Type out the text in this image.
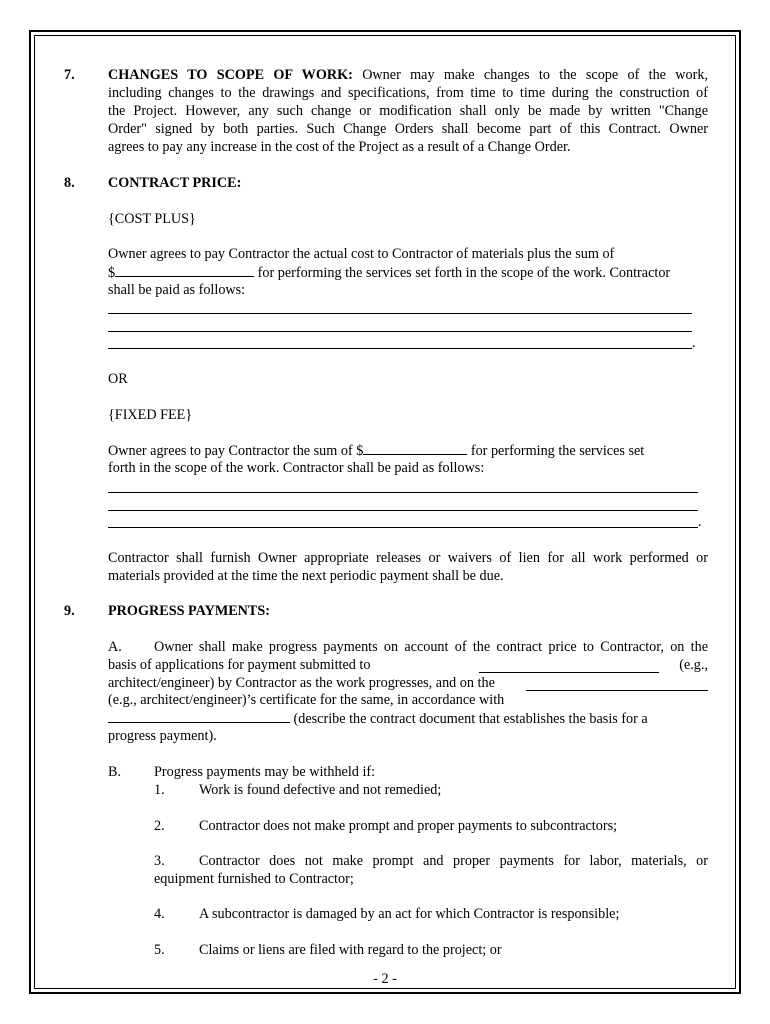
7. CHANGES TO SCOPE OF WORK: Owner may make changes to the scope of the work,
including changes to the drawings and specifications, from time to time during the construction of
the Project. However, any such change or modification shall only be made by written "Change
Order" signed by both parties. Such Change Orders shall become part of this Contract. Owner
agrees to pay any increase in the cost of the Project as a result of a Change Order.
8. CONTRACT PRICE:
{COST PLUS}
Owner agrees to pay Contractor the actual cost to Contractor of materials plus the sum of
$	for performing the services set forth in the scope of the work. Contractor
shall be paid as follows:
.
OR
{FIXED FEE}
Owner agrees to pay Contractor the sum of $	for performing the services set
forth in the scope of the work. Contractor shall be paid as follows:
.
Contractor shall furnish Owner appropriate releases or waivers of lien for all work performed or
materials provided at the time the next periodic payment shall be due.
9. PROGRESS PAYMENTS:
A. Owner shall make progress payments on account of the contract price to Contractor, on the
basis of applications for payment submitted to	(e.g.,
architect/engineer) by Contractor as the work progresses, and on the
(e.g., architect/engineer)’s certificate for the same, in accordance with
(describe the contract document that establishes the basis for a
progress payment).
B. Progress payments may be withheld if:
1. Work is found defective and not remedied;
2. Contractor does not make prompt and proper payments to subcontractors;
3. Contractor does not make prompt and proper payments for labor, materials, or
equipment furnished to Contractor;
4. A subcontractor is damaged by an act for which Contractor is responsible;
5. Claims or liens are filed with regard to the project; or
- 2 -
